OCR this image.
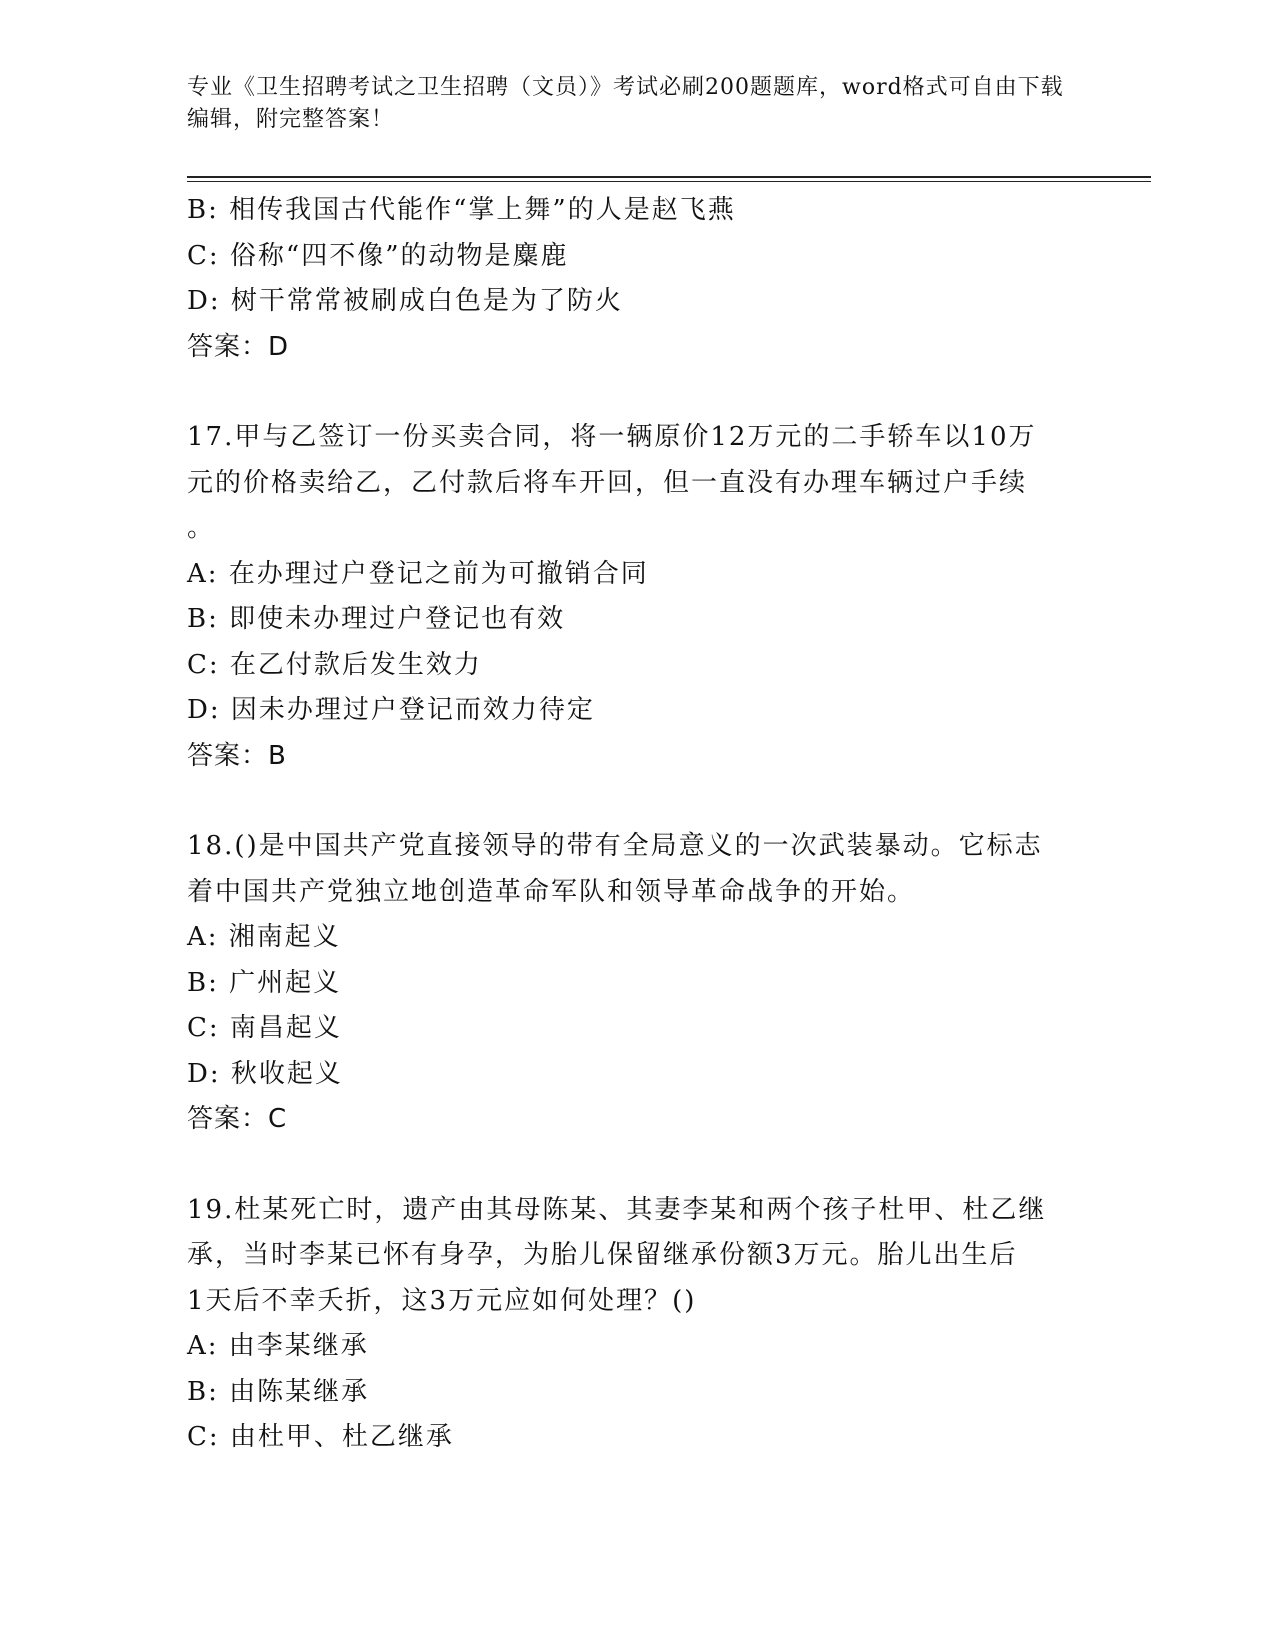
专业《卫生招聘考试之卫生招聘（文员）》考试必刷200题题库，word格式可自由下载编辑，附完整答案！
B: 相传我国古代能作“掌上舞”的人是赵飞燕
C: 俗称“四不像”的动物是麋鹿
D: 树干常常被刷成白色是为了防火
答案：D
17.甲与乙签订一份买卖合同，将一辆原价12万元的二手轿车以10万
元的价格卖给乙，乙付款后将车开回，但一直没有办理车辆过户手续
。
A: 在办理过户登记之前为可撤销合同
B: 即使未办理过户登记也有效
C: 在乙付款后发生效力
D: 因未办理过户登记而效力待定
答案：B
18.()是中国共产党直接领导的带有全局意义的一次武装暴动。它标志
着中国共产党独立地创造革命军队和领导革命战争的开始。
A: 湘南起义
B: 广州起义
C: 南昌起义
D: 秋收起义
答案：C
19.杜某死亡时，遗产由其母陈某、其妻李某和两个孩子杜甲、杜乙继
承，当时李某已怀有身孕，为胎儿保留继承份额3万元。胎儿出生后
1天后不幸夭折，这3万元应如何处理？()
A: 由李某继承
B: 由陈某继承
C: 由杜甲、杜乙继承
